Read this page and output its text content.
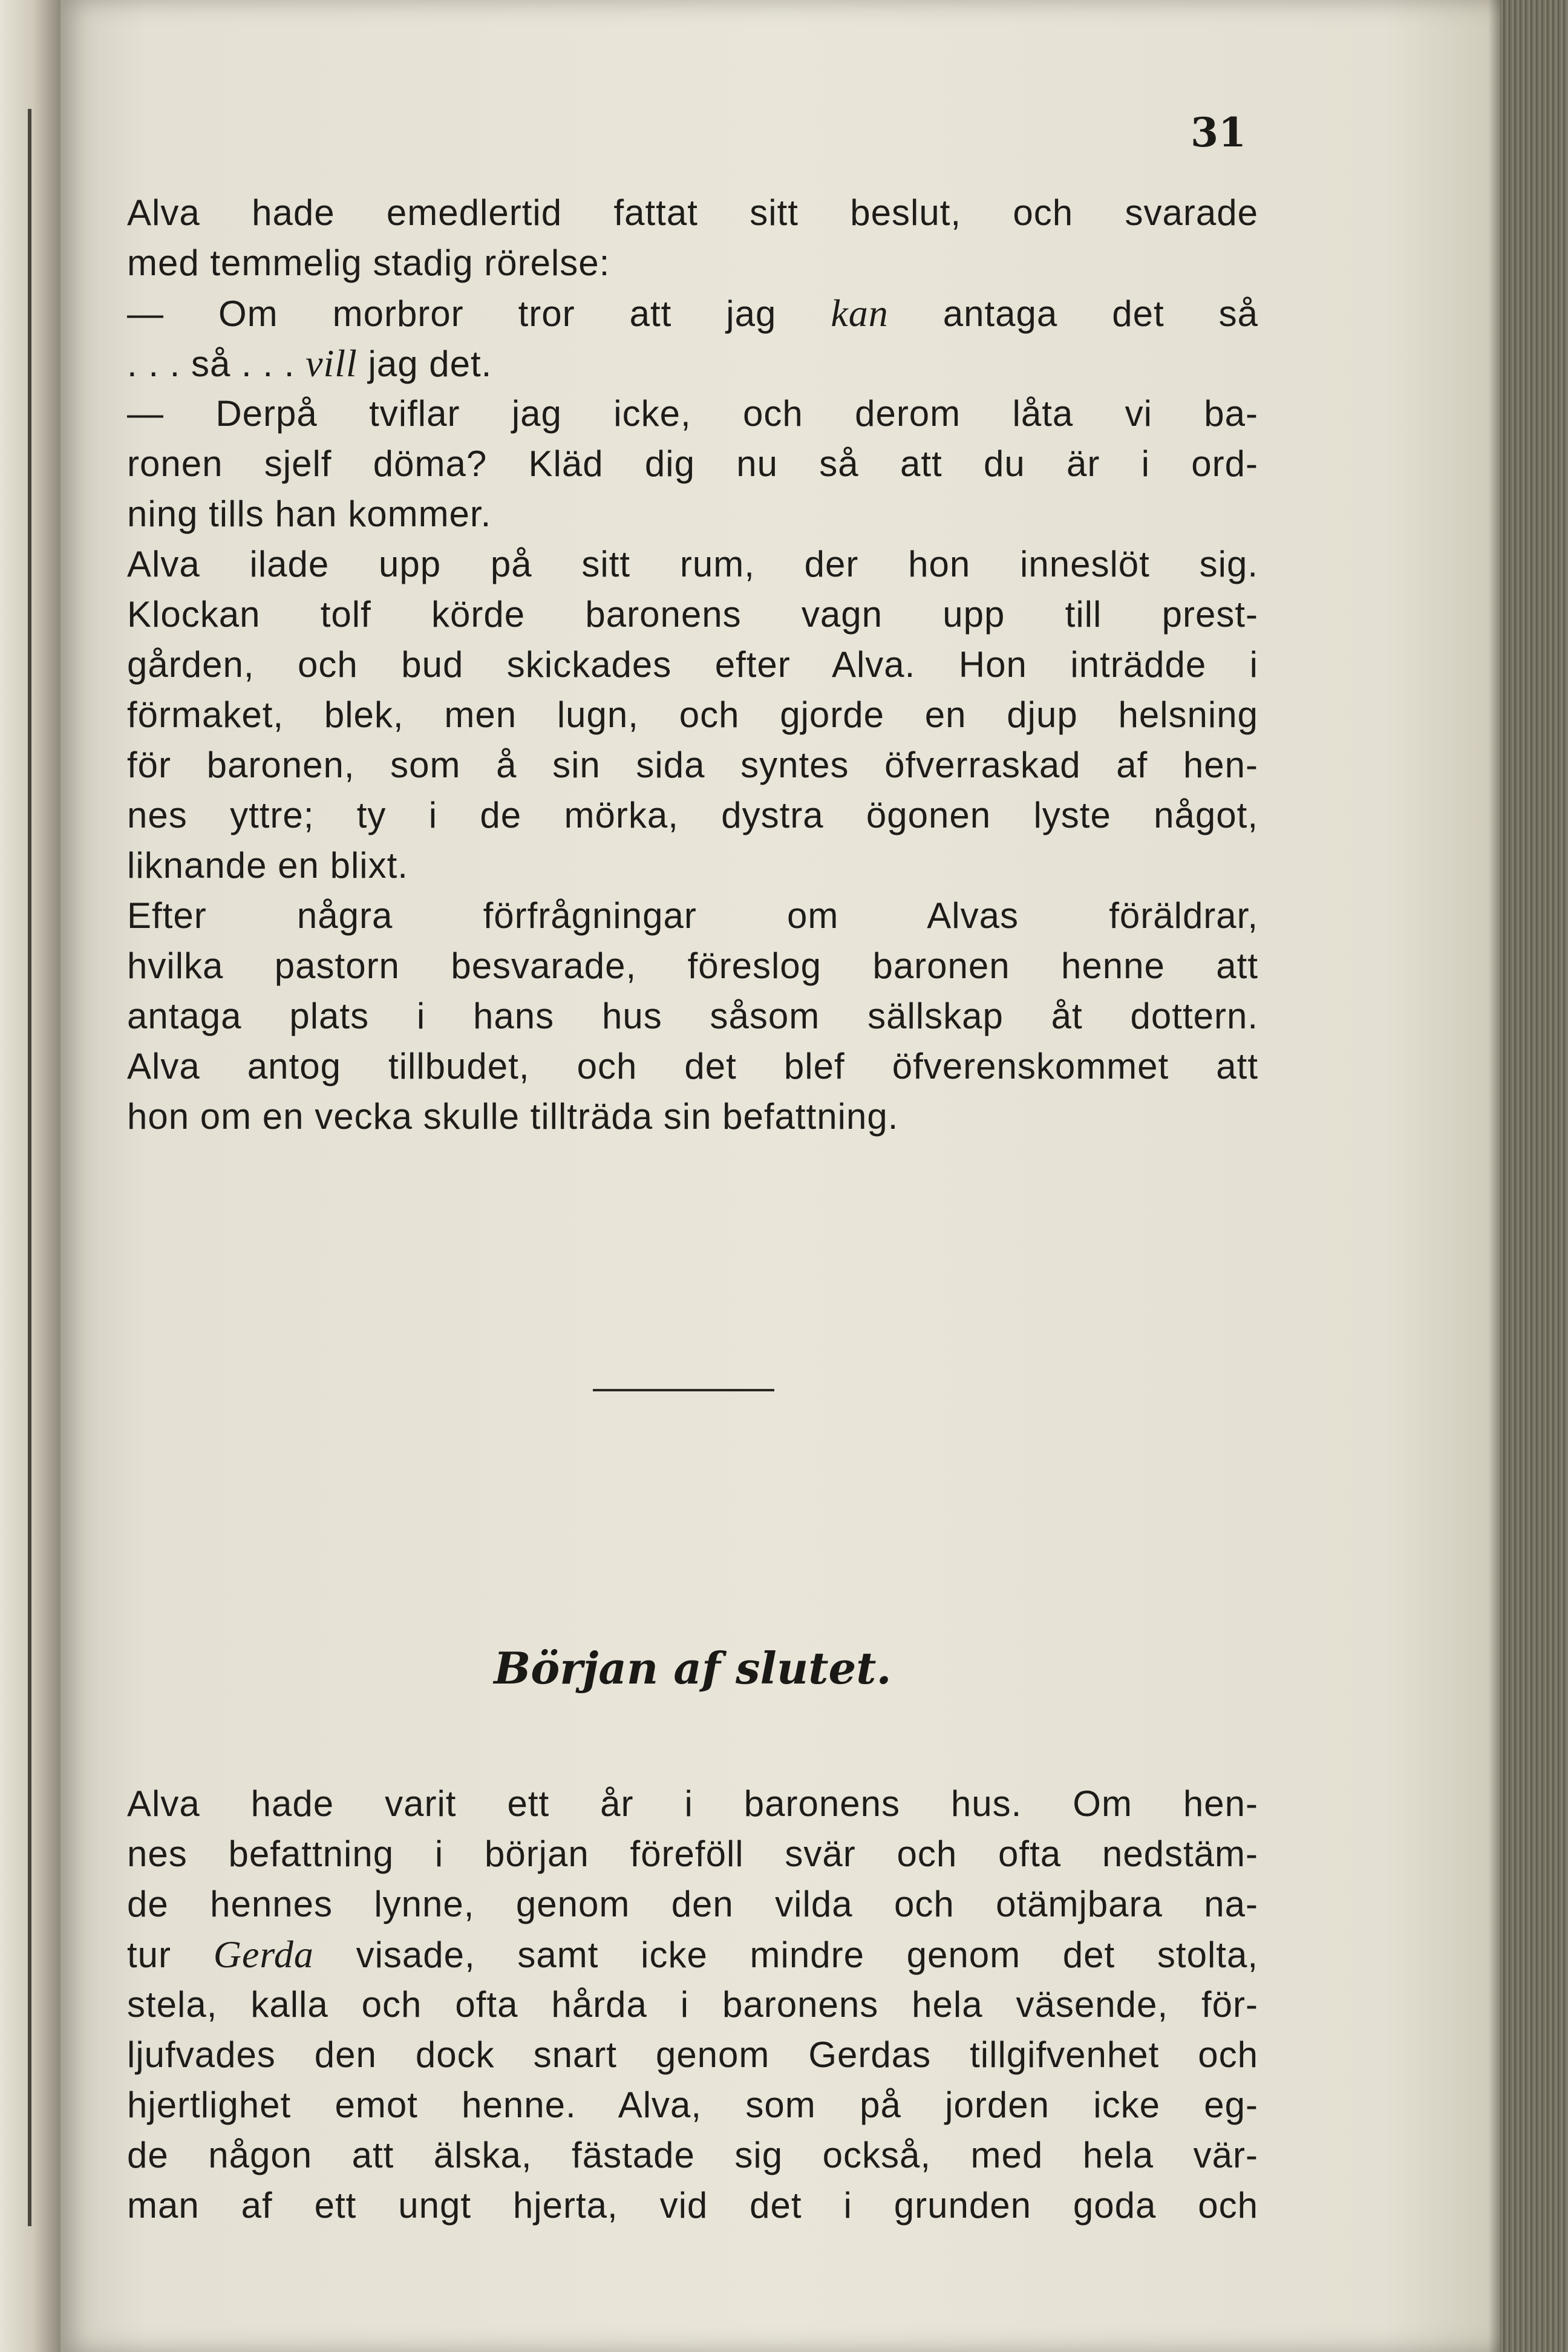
31

Alva hade emedlertid fattat sitt beslut, och svarade
med temmelig stadig rörelse:
— Om morbror tror att jag kan antaga det så
. . . så . . . vill jag det.
— Derpå tviflar jag icke, och derom låta vi ba-
ronen sjelf döma? Kläd dig nu så att du är i ord-
ning tills han kommer.
Alva ilade upp på sitt rum, der hon inneslöt sig.
Klockan tolf körde baronens vagn upp till prest-
gården, och bud skickades efter Alva. Hon inträdde i
förmaket, blek, men lugn, och gjorde en djup helsning
för baronen, som å sin sida syntes öfverraskad af hen-
nes yttre; ty i de mörka, dystra ögonen lyste något,
liknande en blixt.
Efter några förfrågningar om Alvas föräldrar,
hvilka pastorn besvarade, föreslog baronen henne att
antaga plats i hans hus såsom sällskap åt dottern.
Alva antog tillbudet, och det blef öfverenskommet att
hon om en vecka skulle tillträda sin befattning.
Början af slutet.
Alva hade varit ett år i baronens hus. Om hen-
nes befattning i början föreföll svär och ofta nedstäm-
de hennes lynne, genom den vilda och otämjbara na-
tur Gerda visade, samt icke mindre genom det stolta,
stela, kalla och ofta hårda i baronens hela väsende, för-
ljufvades den dock snart genom Gerdas tillgifvenhet och
hjertlighet emot henne. Alva, som på jorden icke eg-
de någon att älska, fästade sig också, med hela vär-
man af ett ungt hjerta, vid det i grunden goda och
